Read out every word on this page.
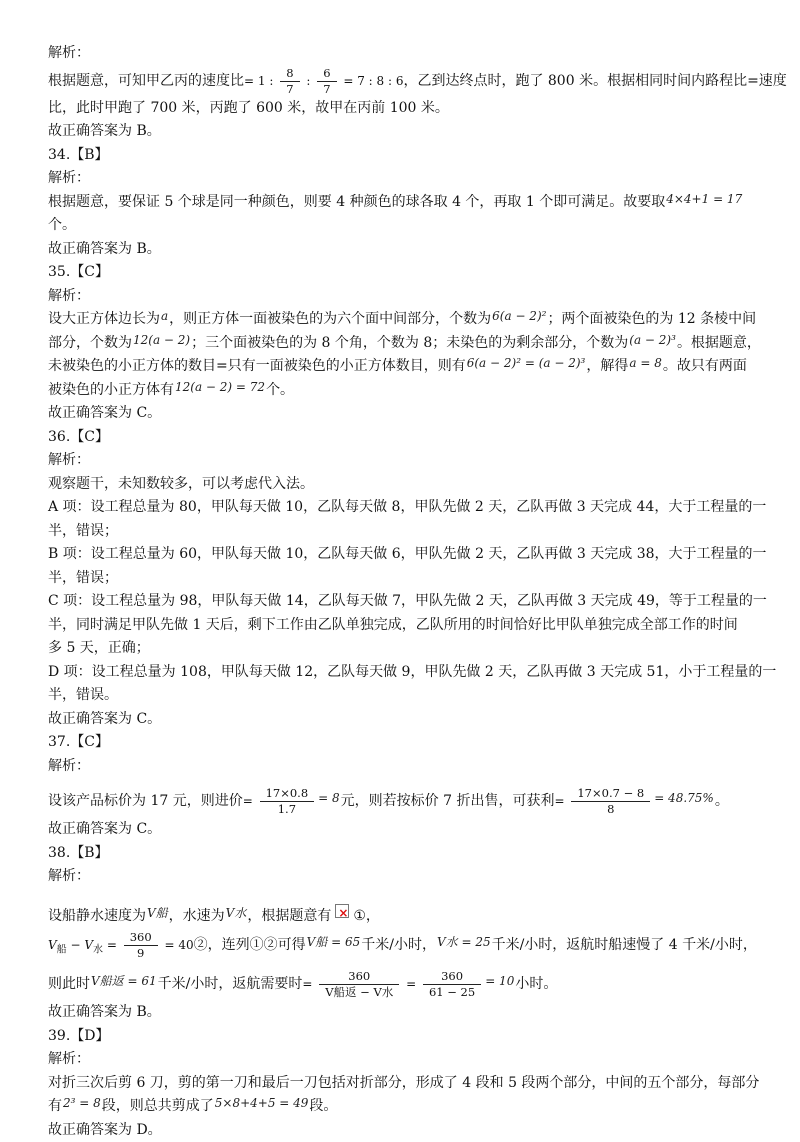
解析：
根据题意，可知甲乙丙的速度比= 1 : $\frac{8}{7}$ : $\frac{6}{7} = 7$ : 8 : 6，乙到达终点时，跑了 800 米。根据相同时间内路程比=速度
比，此时甲跑了 700 米，丙跑了 600 米，故甲在丙前 100 米。
故正确答案为 B。
34.【B】
解析：
根据题意，要保证 5 个球是同一种颜色，则要 4 种颜色的球各取 4 个，再取 1 个即可满足。故要取4×4+1 = 17
个。
故正确答案为 B。
35.【C】
解析：
设大正方体边长为a，则正方体一面被染色的为六个面中间部分，个数为6(a − 2)²；两个面被染色的为 12 条棱中间
部分，个数为12(a − 2)；三个面被染色的为 8 个角，个数为 8；未染色的为剩余部分，个数为(a − 2)³。根据题意，
未被染色的小正方体的数目=只有一面被染色的小正方体数目，则有6(a − 2)² = (a − 2)³，解得a = 8。故只有两面
被染色的小正方体有12(a − 2) = 72个。
故正确答案为 C。
36.【C】
解析：
观察题干，未知数较多，可以考虑代入法。
A 项：设工程总量为 80，甲队每天做 10，乙队每天做 8，甲队先做 2 天，乙队再做 3 天完成 44，大于工程量的一
半，错误；
B 项：设工程总量为 60，甲队每天做 10，乙队每天做 6，甲队先做 2 天，乙队再做 3 天完成 38，大于工程量的一
半，错误；
C 项：设工程总量为 98，甲队每天做 14，乙队每天做 7，甲队先做 2 天，乙队再做 3 天完成 49，等于工程量的一
半，同时满足甲队先做 1 天后，剩下工作由乙队单独完成，乙队所用的时间恰好比甲队单独完成全部工作的时间
多 5 天，正确；
D 项：设工程总量为 108，甲队每天做 12，乙队每天做 9，甲队先做 2 天，乙队再做 3 天完成 51，小于工程量的一
半，错误。
故正确答案为 C。
37.【C】
解析：
设该产品标价为 17 元，则进价= $\frac{17\times 0.8}{1.7} = 8$元，则若按标价 7 折出售，可获利= $\frac{17\times 0.7 - 8}{8} = 48.75\%$。
故正确答案为 C。
38.【B】
解析：
设船静水速度为V船，水速为V水，根据题意有× ①，
$V_船 - V_水 = \frac{360}{9}$ = 40②，连列①②可得V船 = 65千米/小时，V水 = 25千米/小时，返航时船速慢了 4 千米/小时，
则此时V船返 = 61千米/小时，返航需要时= $\frac{360}{\text{V船返 − V水}} = \frac{360}{61 - 25} = 10$小时。
故正确答案为 B。
39.【D】
解析：
对折三次后剪 6 刀，剪的第一刀和最后一刀包括对折部分，形成了 4 段和 5 段两个部分，中间的五个部分，每部分
有2³ = 8段，则总共剪成了5×8+4+5 = 49段。
故正确答案为 D。
